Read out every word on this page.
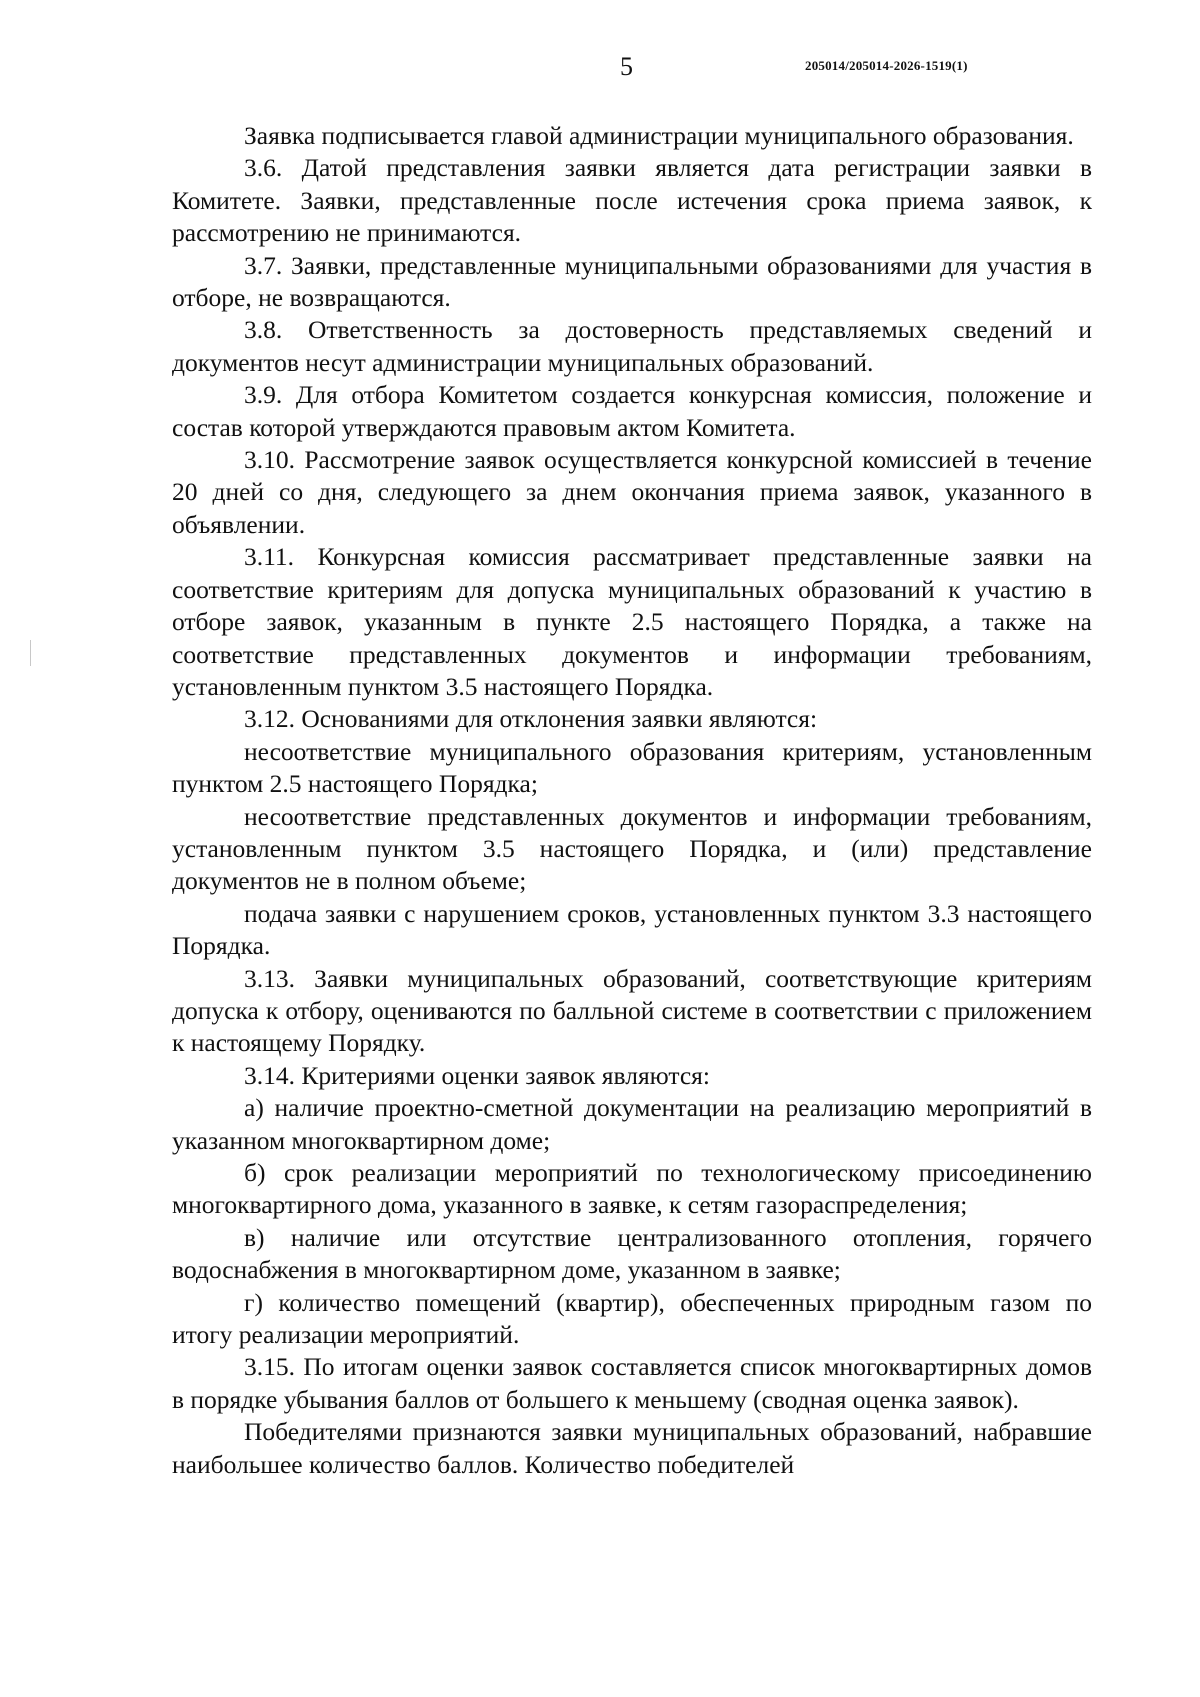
5	205014/205014-2026-1519(1)

Заявка подписывается главой администрации муниципального образования.

3.6. Датой представления заявки является дата регистрации заявки в Комитете. Заявки, представленные после истечения срока приема заявок, к рассмотрению не принимаются.

3.7. Заявки, представленные муниципальными образованиями для участия в отборе, не возвращаются.

3.8. Ответственность за достоверность представляемых сведений и документов несут администрации муниципальных образований.

3.9. Для отбора Комитетом создается конкурсная комиссия, положение и состав которой утверждаются правовым актом Комитета.

3.10. Рассмотрение заявок осуществляется конкурсной комиссией в течение 20 дней со дня, следующего за днем окончания приема заявок, указанного в объявлении.

3.11. Конкурсная комиссия рассматривает представленные заявки на соответствие критериям для допуска муниципальных образований к участию в отборе заявок, указанным в пункте 2.5 настоящего Порядка, а также на соответствие представленных документов и информации требованиям, установленным пунктом 3.5 настоящего Порядка.

3.12. Основаниями для отклонения заявки являются:

несоответствие муниципального образования критериям, установленным пунктом 2.5 настоящего Порядка;

несоответствие представленных документов и информации требованиям, установленным пунктом 3.5 настоящего Порядка, и (или) представление документов не в полном объеме;

подача заявки с нарушением сроков, установленных пунктом 3.3 настоящего Порядка.

3.13. Заявки муниципальных образований, соответствующие критериям допуска к отбору, оцениваются по балльной системе в соответствии с приложением к настоящему Порядку.

3.14. Критериями оценки заявок являются:

а) наличие проектно-сметной документации на реализацию мероприятий в указанном многоквартирном доме;

б) срок реализации мероприятий по технологическому присоединению многоквартирного дома, указанного в заявке, к сетям газораспределения;

в) наличие или отсутствие централизованного отопления, горячего водоснабжения в многоквартирном доме, указанном в заявке;

г) количество помещений (квартир), обеспеченных природным газом по итогу реализации мероприятий.

3.15. По итогам оценки заявок составляется список многоквартирных домов в порядке убывания баллов от большего к меньшему (сводная оценка заявок).

Победителями признаются заявки муниципальных образований, набравшие наибольшее количество баллов. Количество победителей
